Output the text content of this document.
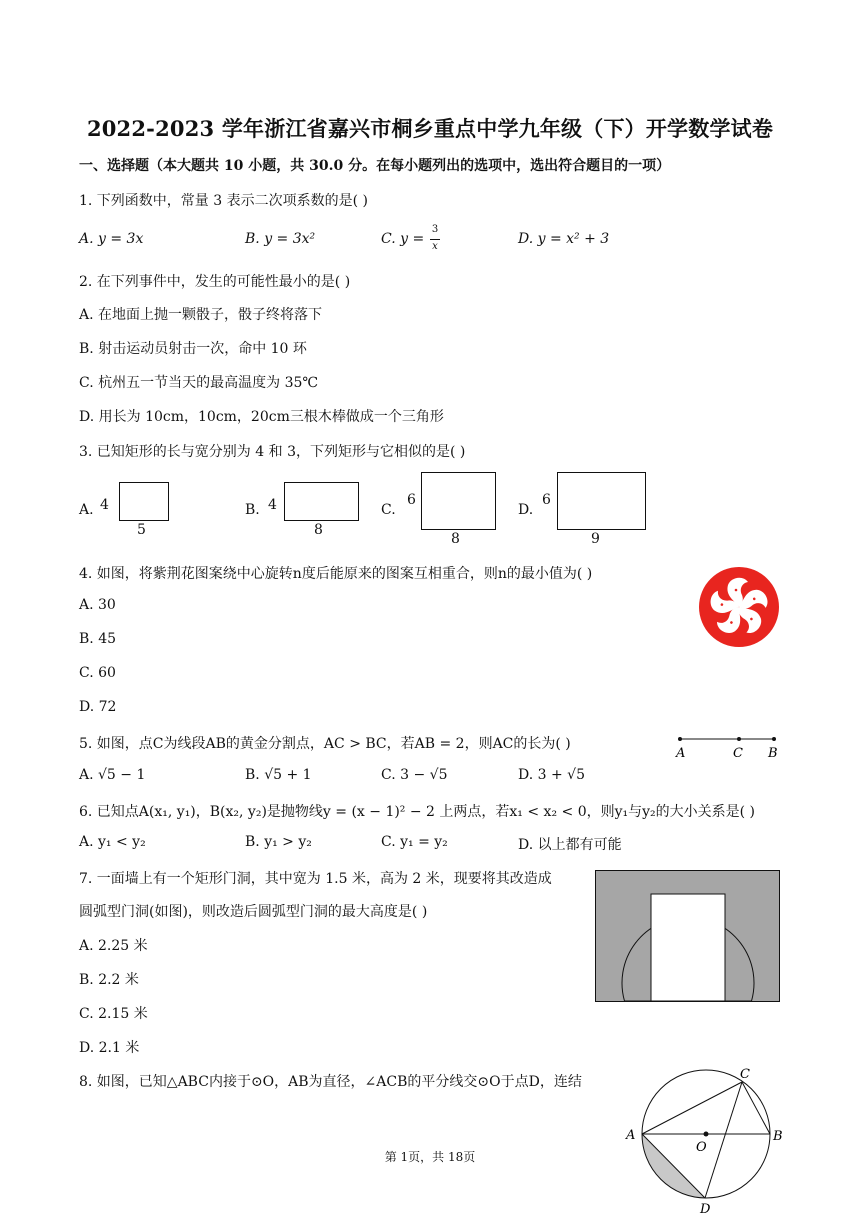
2022-2023 学年浙江省嘉兴市桐乡重点中学九年级（下）开学数学试卷
一、选择题（本大题共 10 小题，共 30.0 分。在每小题列出的选项中，选出符合题目的一项）
1. 下列函数中，常量 3 表示二次项系数的是( )
A. y = 3x	B. y = 3x²	C. y =
3
x	D. y = x² + 3
2. 在下列事件中，发生的可能性最小的是( )
A. 在地面上抛一颗骰子，骰子终将落下
B. 射击运动员射击一次，命中 10 环
C. 杭州五一节当天的最高温度为 35℃
D. 用长为 10cm，10cm，20cm三根木棒做成一个三角形
3. 已知矩形的长与宽分别为 4 和 3，下列矩形与它相似的是( )
A. 4
5
B. 4
8
C.
6
8
D.
6
9
4. 如图，将紫荆花图案绕中心旋转n度后能原来的图案互相重合，则n的最小值为( )
A. 30
B. 45
C. 60
D. 72
5. 如图，点C为线段AB的黄金分割点，AC > BC，若AB = 2，则AC的长为( )
A. √5 − 1	B. √5 + 1	C. 3 − √5	D. 3 + √5
A	C B
6. 已知点A(x₁, y₁)，B(x₂, y₂)是抛物线y = (x − 1)² − 2 上两点，若x₁ < x₂ < 0，则y₁与y₂的大小关系是( )
A. y₁ < y₂	B. y₁ > y₂	C. y₁ = y₂	D. 以上都有可能
7. 一面墙上有一个矩形门洞，其中宽为 1.5 米，高为 2 米，现要将其改造成
圆弧型门洞(如图)，则改造后圆弧型门洞的最大高度是( )
A. 2.25 米
B. 2.2 米
C. 2.15 米
D. 2.1 米
8. 如图，已知△ABC内接于⊙O，AB为直径，∠ACB的平分线交⊙O于点D，连结
A	B
C
D
O
第 1页，共 18页
